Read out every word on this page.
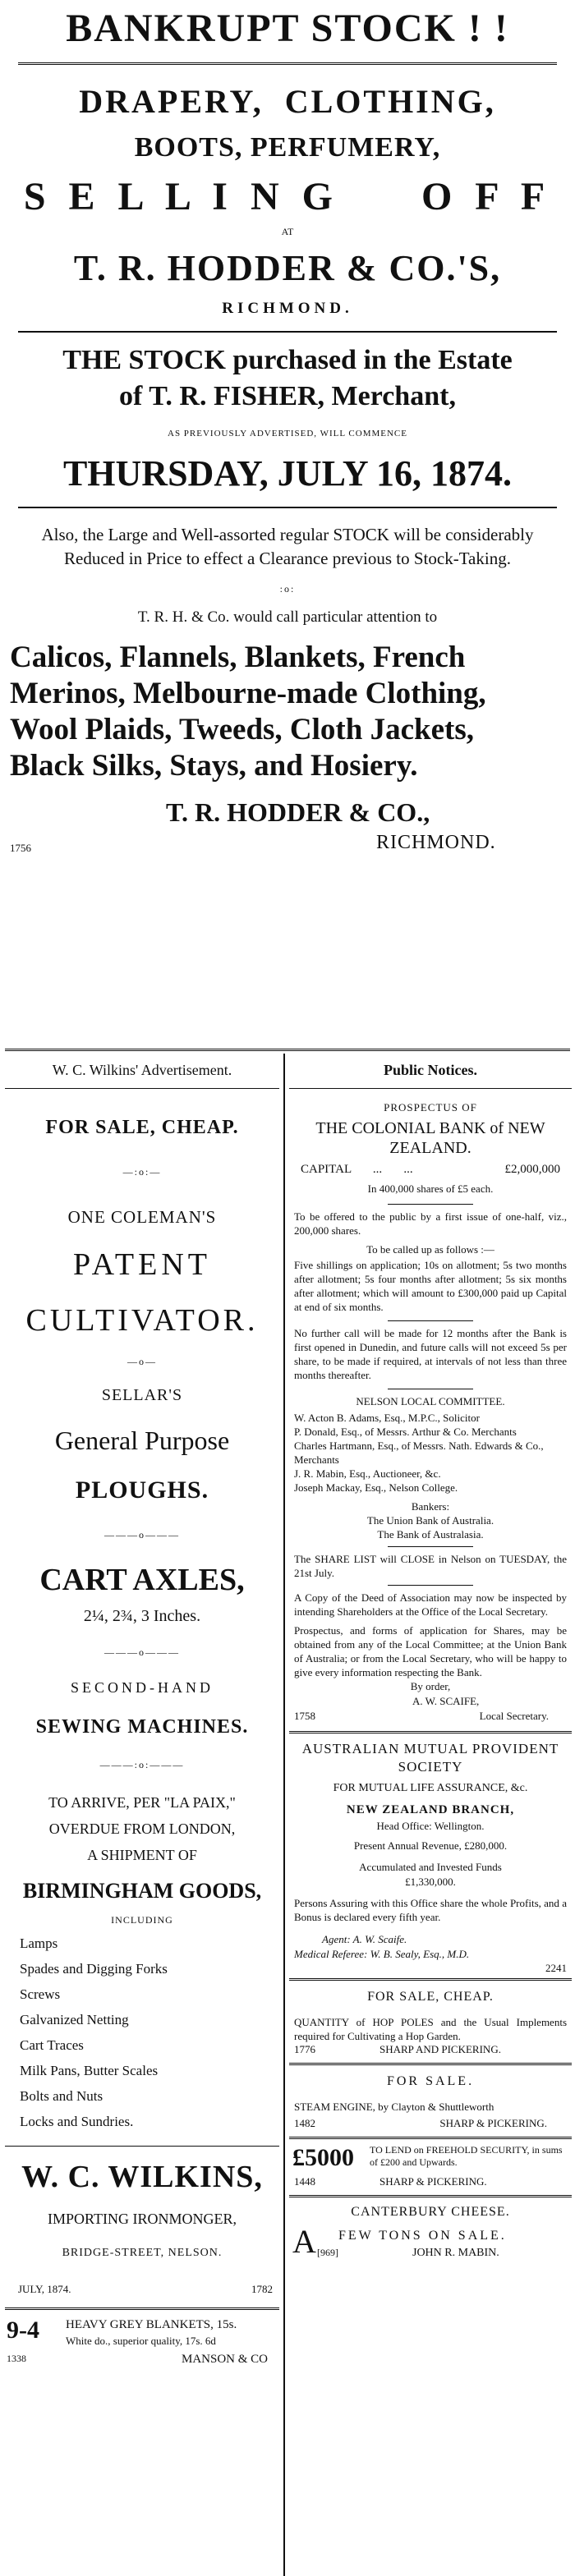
BANKRUPT STOCK ! !
DRAPERY,  CLOTHING,
BOOTS, PERFUMERY,
S E L L I N G     O F F
AT
T. R. HODDER & CO.'S,
RICHMOND.
THE STOCK purchased in the Estate
of T. R. FISHER, Merchant,
AS PREVIOUSLY ADVERTISED, WILL COMMENCE
THURSDAY, JULY 16, 1874.
Also, the Large and Well-assorted regular STOCK will be considerably Reduced in Price to effect a Clearance previous to Stock-Taking.
:o:
T. R. H. & Co. would call particular attention to
Calicos, Flannels, Blankets, French
Merinos, Melbourne-made Clothing,
Wool Plaids, Tweeds, Cloth Jackets,
Black Silks, Stays, and Hosiery.
T. R. HODDER & CO.,
1756	RICHMOND.
W. C. Wilkins' Advertisement.
FOR SALE, CHEAP.
—:o:—
ONE COLEMAN'S
PATENT
CULTIVATOR.
—o—
SELLAR'S
General Purpose
PLOUGHS.
———o———
CART AXLES,
2¼, 2¾, 3 Inches.
———o———
SECOND-HAND
SEWING MACHINES.
———:o:———
TO ARRIVE, PER "LA PAIX,"
OVERDUE FROM LONDON,
A SHIPMENT OF
BIRMINGHAM GOODS,
INCLUDING
Lamps
Spades and Digging Forks
Screws
Galvanized Netting
Cart Traces
Milk Pans, Butter Scales
Bolts and Nuts
Locks and Sundries.
W. C. WILKINS,
IMPORTING IRONMONGER,
BRIDGE-STREET, NELSON.
JULY, 1874.	1782
9-4 HEAVY GREY BLANKETS, 15s.
White do., superior quality, 17s. 6d
1338	MANSON & CO
Public Notices.
PROSPECTUS OF
THE COLONIAL BANK of NEW ZEALAND.
CAPITAL       ...       ...	£2,000,000
In 400,000 shares of £5 each.
To be offered to the public by a first issue of one-half, viz., 200,000 shares.
To be called up as follows :—
Five shillings on application; 10s on allotment; 5s two months after allotment; 5s four months after allotment; 5s six months after allotment; which will amount to £300,000 paid up Capital at end of six months.
No further call will be made for 12 months after the Bank is first opened in Dunedin, and future calls will not exceed 5s per share, to be made if required, at intervals of not less than three months thereafter.
NELSON LOCAL COMMITTEE.
W. Acton B. Adams, Esq., M.P.C., Solicitor
P. Donald, Esq., of Messrs. Arthur & Co. Merchants
Charles Hartmann, Esq., of Messrs. Nath. Edwards & Co., Merchants
J. R. Mabin, Esq., Auctioneer, &c.
Joseph Mackay, Esq., Nelson College.
Bankers:
The Union Bank of Australia.
The Bank of Australasia.
The SHARE LIST will CLOSE in Nelson on TUESDAY, the 21st July.
A Copy of the Deed of Association may now be inspected by intending Shareholders at the Office of the Local Secretary.
Prospectus, and forms of application for Shares, may be obtained from any of the Local Committee; at the Union Bank of Australia; or from the Local Secretary, who will be happy to give every information respecting the Bank.
By order,
A. W. SCAIFE,
1758	Local Secretary.
AUSTRALIAN MUTUAL PROVIDENT SOCIETY
FOR MUTUAL LIFE ASSURANCE, &c.
NEW ZEALAND BRANCH,
Head Office: Wellington.
Present Annual Revenue, £280,000.
Accumulated and Invested Funds
£1,330,000.
Persons Assuring with this Office share the whole Profits, and a Bonus is declared every fifth year.
Agent: A. W. Scaife.
Medical Referee: W. B. Sealy, Esq., M.D.
2241
FOR SALE, CHEAP.
QUANTITY of HOP POLES and the Usual Implements required for Cultivating a Hop Garden.
1776	SHARP AND PICKERING.
FOR SALE.
STEAM ENGINE, by Clayton & Shuttleworth
1482	SHARP & PICKERING.
£5000 TO LEND on FREEHOLD SECURITY, in sums of £200 and Upwards.
1448	SHARP & PICKERING.
CANTERBURY CHEESE.
A [969]
FEW TONS ON SALE.
JOHN R. MABIN.
